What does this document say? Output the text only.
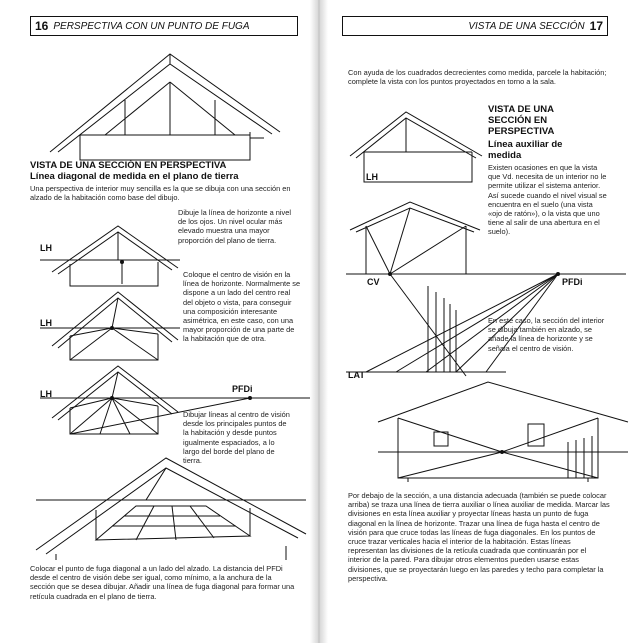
16 PERSPECTIVA CON UN PUNTO DE FUGA
VISTA DE UNA SECCIÓN EN PERSPECTIVA
Línea diagonal de medida en el plano de tierra
Una perspectiva de interior muy sencilla es la que se dibuja con una sección en alzado de la habitación como base del dibujo.
LH
Dibuje la línea de horizonte a nivel de los ojos. Un nivel ocular más elevado muestra una mayor proporción del plano de tierra.
LH
Coloque el centro de visión en la línea de horizonte. Normalmente se dispone a un lado del centro real del objeto o vista, para conseguir una composición interesante asimétrica, en este caso, con una mayor proporción de una parte de la habitación que de otra.
LH	PFDi
Dibujar líneas al centro de visión desde los principales puntos de la habitación y desde puntos igualmente espaciados, a lo largo del borde del plano de tierra.
Colocar el punto de fuga diagonal a un lado del alzado. La distancia del PFDi desde el centro de visión debe ser igual, como mínimo, a la anchura de la sección que se desea dibujar. Añadir una línea de fuga diagonal para formar una retícula cuadrada en el plano de tierra.
VISTA DE UNA SECCIÓN 17
Con ayuda de los cuadrados decrecientes como medida, parcele la habitación; complete la vista con los puntos proyectados en torno a la sala.
VISTA DE UNA SECCIÓN EN PERSPECTIVA
Línea auxiliar de medida
Existen ocasiones en que la vista que Vd. necesita de un interior no le permite utilizar el sistema anterior. Así sucede cuando el nivel visual se encuentra en el suelo (una vista «ojo de ratón»), o la vista que uno tiene al salir de una abertura en el suelo).
LH
CV	PFDi
LAT
En este caso, la sección del interior se dibuja también en alzado, se añade la línea de horizonte y se señala el centro de visión.
Por debajo de la sección, a una distancia adecuada (también se puede colocar arriba) se traza una línea de tierra auxiliar o línea auxiliar de medida. Marcar las divisiones en esta línea auxiliar y proyectar líneas hasta un punto de fuga diagonal en la línea de horizonte. Trazar una línea de fuga hasta el centro de visión para que cruce todas las líneas de fuga diagonales. En los puntos de cruce trazar verticales hacia el interior de la habitación. Estas líneas representan las divisiones de la retícula cuadrada que continuarán por el interior de la pared. Para dibujar otros elementos pueden usarse estas divisiones, que se proyectarán luego en las paredes y techo para completar la perspectiva.
